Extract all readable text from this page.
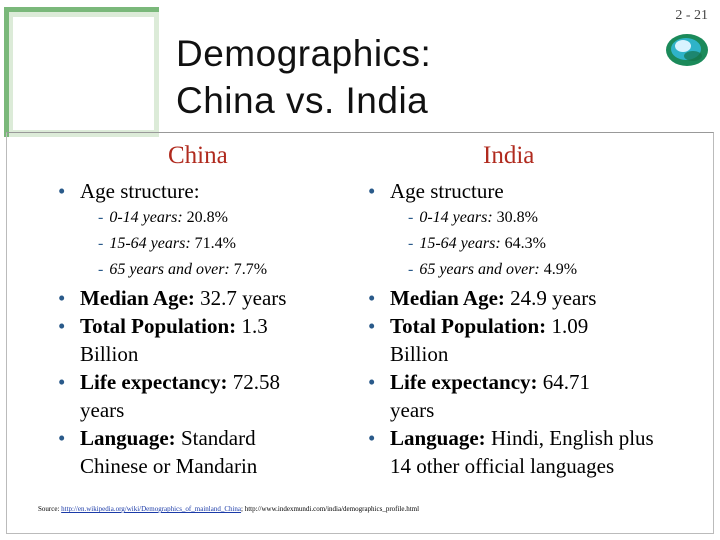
2 - 21
Demographics:
China vs. India
China
• Age structure:
- 0-14 years: 20.8%
- 15-64 years: 71.4%
- 65 years and over: 7.7%
• Median Age: 32.7 years
• Total Population: 1.3 Billion
• Life expectancy: 72.58 years
• Language: Standard Chinese or Mandarin
India
• Age structure
- 0-14 years: 30.8%
- 15-64 years: 64.3%
- 65 years and over: 4.9%
• Median Age: 24.9 years
• Total Population: 1.09 Billion
• Life expectancy: 64.71 years
• Language: Hindi, English plus 14 other official languages
Source: http://en.wikipedia.org/wiki/Demographics_of_mainland_China; http://www.indexmundi.com/india/demographics_profile.html
